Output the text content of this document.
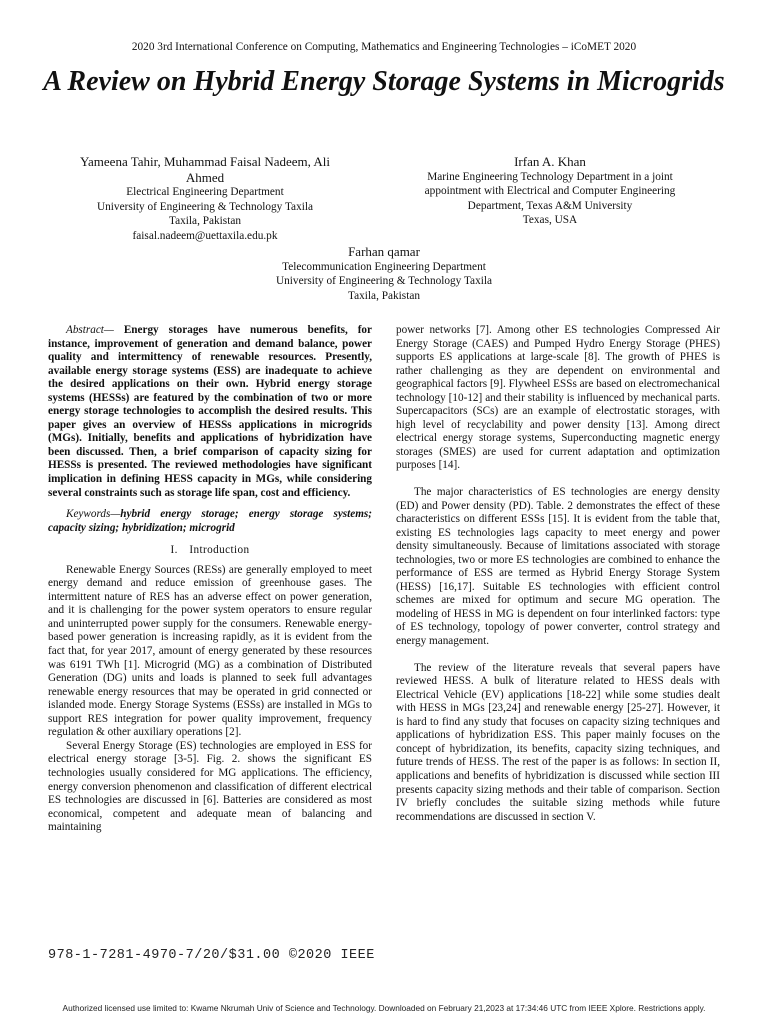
2020 3rd International Conference on Computing, Mathematics and Engineering Technologies – iCoMET 2020
A Review on Hybrid Energy Storage Systems in Microgrids
Yameena Tahir, Muhammad Faisal Nadeem, Ali Ahmed
Electrical Engineering Department
University of Engineering & Technology Taxila
Taxila, Pakistan
faisal.nadeem@uettaxila.edu.pk
Irfan A. Khan
Marine Engineering Technology Department in a joint appointment with Electrical and Computer Engineering Department, Texas A&M University
Texas, USA
Farhan qamar
Telecommunication Engineering Department
University of Engineering & Technology Taxila
Taxila, Pakistan

Abstract— Energy storages have numerous benefits, for instance, improvement of generation and demand balance, power quality and intermittency of renewable resources. Presently, available energy storage systems (ESS) are inadequate to achieve the desired applications on their own. Hybrid energy storage systems (HESSs) are featured by the combination of two or more energy storage technologies to accomplish the desired results. This paper gives an overview of HESSs applications in microgrids (MGs). Initially, benefits and applications of hybridization have been discussed. Then, a brief comparison of capacity sizing for HESSs is presented. The reviewed methodologies have significant implication in defining HESS capacity in MGs, while considering several constraints such as storage life span, cost and efficiency.

Keywords—hybrid energy storage; energy storage systems; capacity sizing; hybridization; microgrid

I. Introduction

Renewable Energy Sources (RESs) are generally employed to meet energy demand and reduce emission of greenhouse gases. The intermittent nature of RES has an adverse effect on power generation, and it is challenging for the power system operators to ensure regular and uninterrupted power supply for the consumers. Renewable energy-based power generation is increasing rapidly, as it is evident from the fact that, for year 2017, amount of energy generated by these resources was 6191 TWh [1]. Microgrid (MG) as a combination of Distributed Generation (DG) units and loads is planned to seek full advantages renewable energy resources that may be operated in grid connected or islanded mode. Energy Storage Systems (ESSs) are installed in MGs to support RES integration for power quality improvement, frequency regulation & other auxiliary operations [2].

Several Energy Storage (ES) technologies are employed in ESS for electrical energy storage [3-5]. Fig. 2. shows the significant ES technologies usually considered for MG applications. The efficiency, energy conversion phenomenon and classification of different electrical ES technologies are discussed in [6]. Batteries are considered as most economical, competent and adequate mean of balancing and maintaining

power networks [7]. Among other ES technologies Compressed Air Energy Storage (CAES) and Pumped Hydro Energy Storage (PHES) supports ES applications at large-scale [8]. The growth of PHES is rather challenging as they are dependent on environmental and geographical factors [9]. Flywheel ESSs are based on electromechanical technology [10-12] and their stability is influenced by mechanical parts. Supercapacitors (SCs) are an example of electrostatic storages, with high level of recyclability and power density [13]. Among direct electrical energy storage systems, Superconducting magnetic energy storages (SMES) are used for current adaptation and optimization purposes [14].

The major characteristics of ES technologies are energy density (ED) and Power density (PD). Table. 2 demonstrates the effect of these characteristics on different ESSs [15]. It is evident from the table that, existing ES technologies lags capacity to meet energy and power density simultaneously. Because of limitations associated with storage technologies, two or more ES technologies are combined to enhance the performance of ESS are termed as Hybrid Energy Storage System (HESS) [16,17]. Suitable ES technologies with efficient control schemes are mixed for optimum and secure MG operation. The modeling of HESS in MG is dependent on four interlinked factors: type of ES technology, topology of power converter, control strategy and energy management.

The review of the literature reveals that several papers have reviewed HESS. A bulk of literature related to HESS deals with Electrical Vehicle (EV) applications [18-22] while some studies dealt with HESS in MGs [23,24] and renewable energy [25-27]. However, it is hard to find any study that focuses on capacity sizing techniques and applications of hybridization ESS. This paper mainly focuses on the concept of hybridization, its benefits, capacity sizing techniques, and future trends of HESS. The rest of the paper is as follows: In section II, applications and benefits of hybridization is discussed while section III presents capacity sizing methods and their table of comparison. Section IV briefly concludes the suitable sizing methods while future recommendations are discussed in section V.

978-1-7281-4970-7/20/$31.00 ©2020 IEEE
Authorized licensed use limited to: Kwame Nkrumah Univ of Science and Technology. Downloaded on February 21,2023 at 17:34:46 UTC from IEEE Xplore. Restrictions apply.
